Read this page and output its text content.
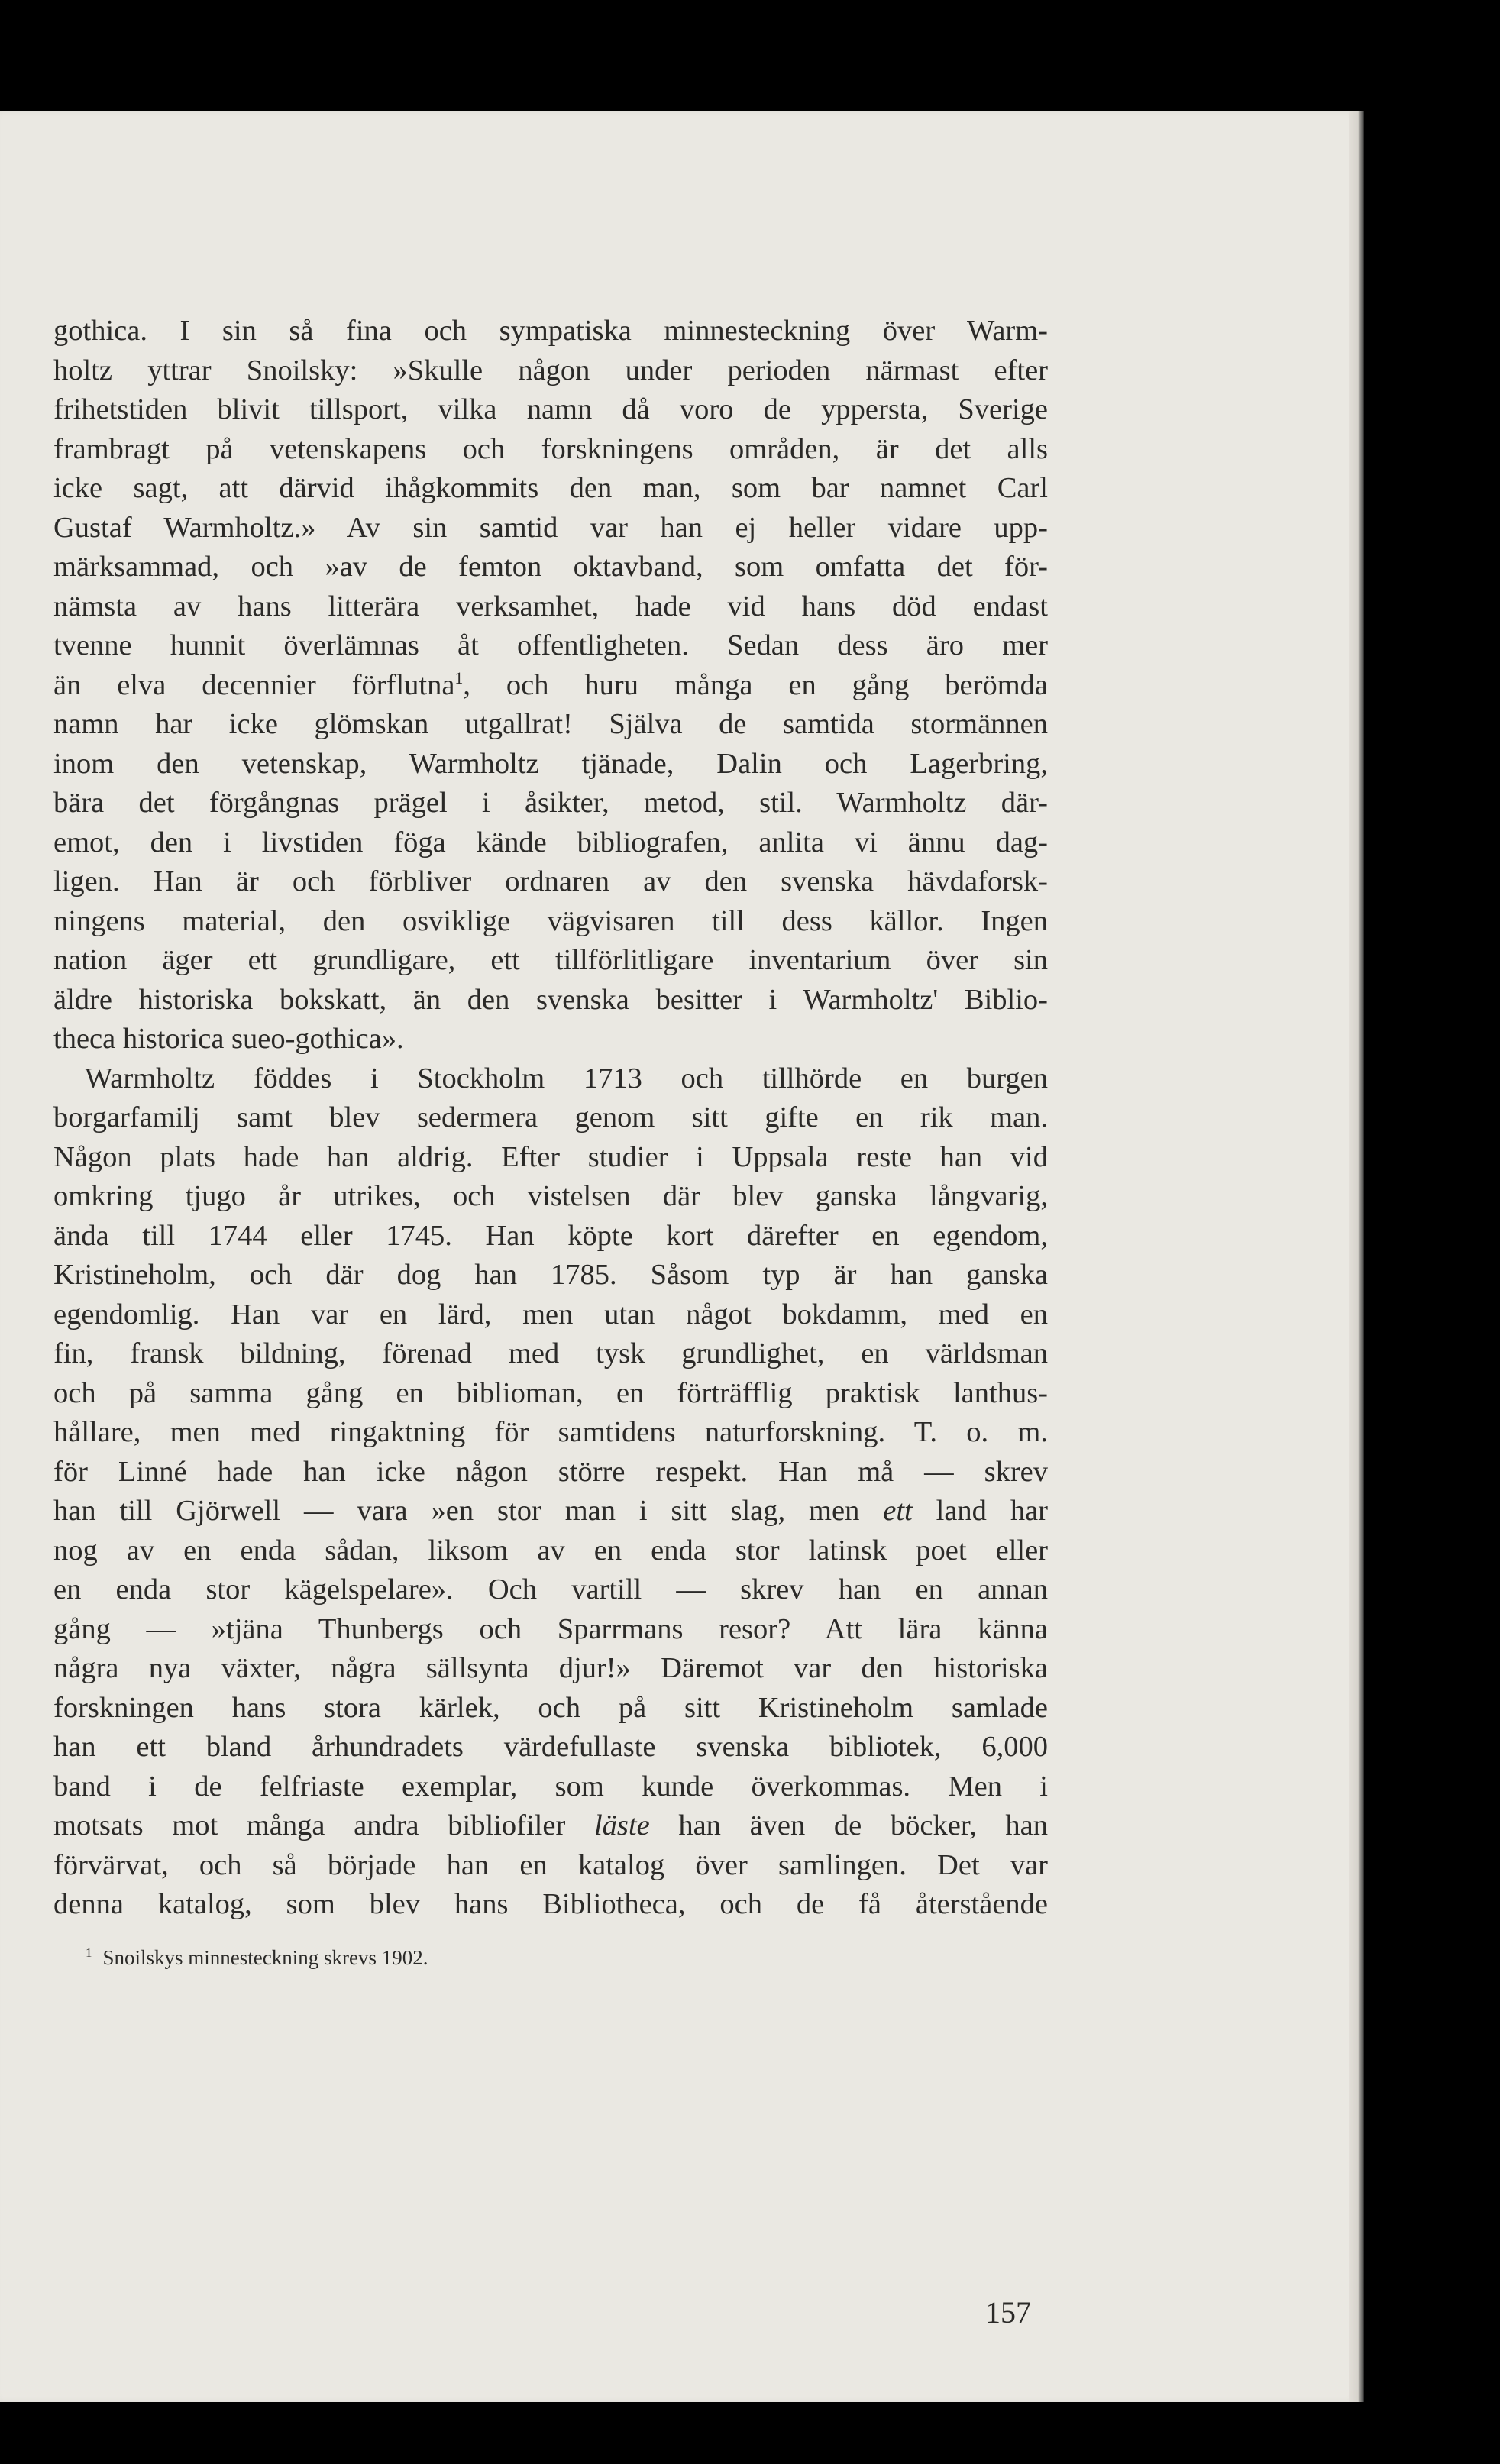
gothica. I sin så fina och sympatiska minnesteckning över Warm-
holtz yttrar Snoilsky: »Skulle någon under perioden närmast efter
frihetstiden blivit tillsport, vilka namn då voro de yppersta, Sverige
frambragt på vetenskapens och forskningens områden, är det alls
icke sagt, att därvid ihågkommits den man, som bar namnet Carl
Gustaf Warmholtz.» Av sin samtid var han ej heller vidare upp-
märksammad, och »av de femton oktavband, som omfatta det för-
nämsta av hans litterära verksamhet, hade vid hans död endast
tvenne hunnit överlämnas åt offentligheten. Sedan dess äro mer
än elva decennier förflutna$^1$, och huru många en gång berömda
namn har icke glömskan utgallrat! Själva de samtida stormännen
inom den vetenskap, Warmholtz tjänade, Dalin och Lagerbring,
bära det förgångnas prägel i åsikter, metod, stil. Warmholtz där-
emot, den i livstiden föga kände bibliografen, anlita vi ännu dag-
ligen. Han är och förbliver ordnaren av den svenska hävdaforsk-
ningens material, den osviklige vägvisaren till dess källor. Ingen
nation äger ett grundligare, ett tillförlitligare inventarium över sin
äldre historiska bokskatt, än den svenska besitter i Warmholtz' Biblio-
theca historica sueo-gothica».
Warmholtz föddes i Stockholm 1713 och tillhörde en burgen
borgarfamilj samt blev sedermera genom sitt gifte en rik man.
Någon plats hade han aldrig. Efter studier i Uppsala reste han vid
omkring tjugo år utrikes, och vistelsen där blev ganska långvarig,
ända till 1744 eller 1745. Han köpte kort därefter en egendom,
Kristineholm, och där dog han 1785. Såsom typ är han ganska
egendomlig. Han var en lärd, men utan något bokdamm, med en
fin, fransk bildning, förenad med tysk grundlighet, en världsman
och på samma gång en biblioman, en förträfflig praktisk lanthus-
hållare, men med ringaktning för samtidens naturforskning. T. o. m.
för Linné hade han icke någon större respekt. Han må — skrev
han till Gjörwell — vara »en stor man i sitt slag, men ett land har
nog av en enda sådan, liksom av en enda stor latinsk poet eller
en enda stor kägelspelare». Och vartill — skrev han en annan
gång — »tjäna Thunbergs och Sparrmans resor? Att lära känna
några nya växter, några sällsynta djur!» Däremot var den historiska
forskningen hans stora kärlek, och på sitt Kristineholm samlade
han ett bland århundradets värdefullaste svenska bibliotek, 6,000
band i de felfriaste exemplar, som kunde överkommas. Men i
motsats mot många andra bibliofiler läste han även de böcker, han
förvärvat, och så började han en katalog över samlingen. Det var
denna katalog, som blev hans Bibliotheca, och de få återstående
$^1$ Snoilskys minnesteckning skrevs 1902.
157
